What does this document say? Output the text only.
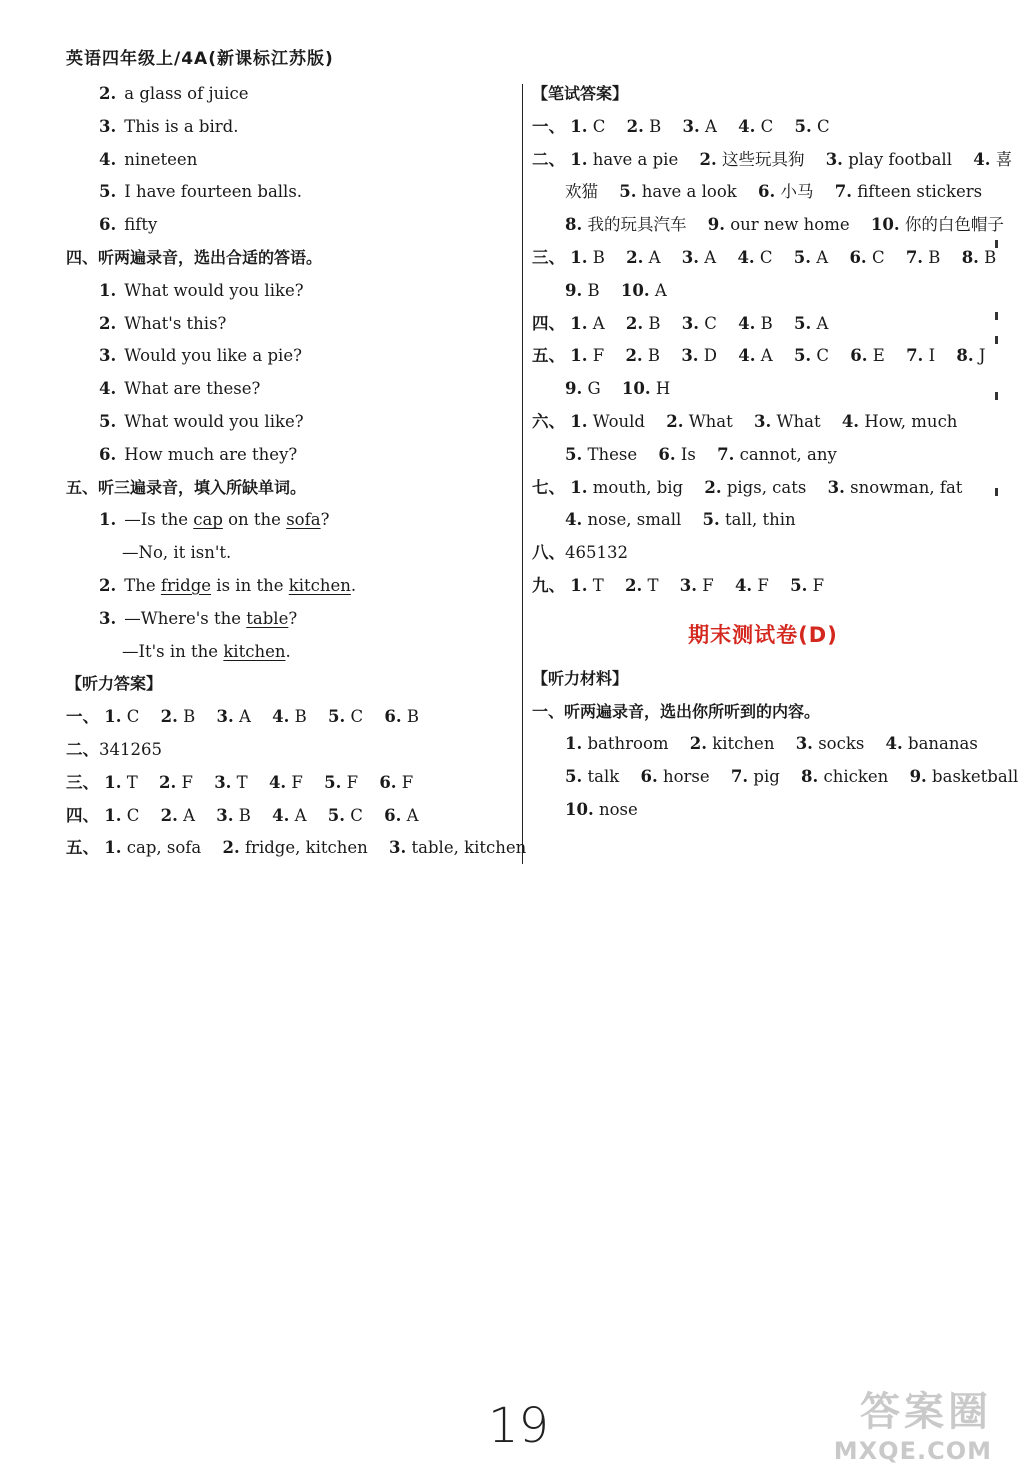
英语四年级上/4A(新课标江苏版)
2. a glass of juice
3. This is a bird.
4. nineteen
5. I have fourteen balls.
6. fifty
四、听两遍录音，选出合适的答语。
1. What would you like?
2. What's this?
3. Would you like a pie?
4. What are these?
5. What would you like?
6. How much are they?
五、听三遍录音，填入所缺单词。
1. —Is the cap on the sofa?
—No, it isn't.
2. The fridge is in the kitchen.
3. —Where's the table?
—It's in the kitchen.
【听力答案】
一、 1. C 2. B 3. A 4. B 5. C 6. B
二、341265
三、 1. T 2. F 3. T 4. F 5. F 6. F
四、 1. C 2. A 3. B 4. A 5. C 6. A
五、 1. cap, sofa 2. fridge, kitchen 3. table, kitchen
【笔试答案】
一、 1. C 2. B 3. A 4. C 5. C
二、 1. have a pie 2. 这些玩具狗 3. play football 4. 喜
欢猫 5. have a look 6. 小马 7. fifteen stickers
8. 我的玩具汽车 9. our new home 10. 你的白色帽子
三、 1. B 2. A 3. A 4. C 5. A 6. C 7. B 8. B
9. B 10. A
四、 1. A 2. B 3. C 4. B 5. A
五、 1. F 2. B 3. D 4. A 5. C 6. E 7. I 8. J
9. G 10. H
六、 1. Would 2. What 3. What 4. How, much
5. These 6. Is 7. cannot, any
七、 1. mouth, big 2. pigs, cats 3. snowman, fat
4. nose, small 5. tall, thin
八、465132
九、 1. T 2. T 3. F 4. F 5. F
期末测试卷(D)
【听力材料】
一、听两遍录音，选出你所听到的内容。
1. bathroom 2. kitchen 3. socks 4. bananas
5. talk 6. horse 7. pig 8. chicken 9. basketball
10. nose
19	答案圈
MXQE.COM
